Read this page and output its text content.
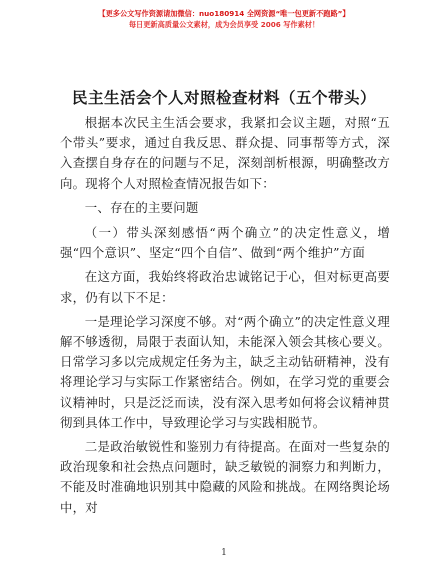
【更多公文写作资源请加微信：nuo180914 全网资源“唯一包更新不跑路”】
每日更新高质量公文素材，成为会员享受 2006 写作素材！
民主生活会个人对照检查材料（五个带头）

根据本次民主生活会要求，我紧扣会议主题，对照“五个带头”要求，通过自我反思、群众提、同事帮等方式，深入查摆自身存在的问题与不足，深刻剖析根源，明确整改方向。现将个人对照检查情况报告如下：

一、存在的主要问题

（一）带头深刻感悟“两个确立”的决定性意义，增强“四个意识”、坚定“四个自信”、做到“两个维护”方面

在这方面，我始终将政治忠诚铭记于心，但对标更高要求，仍有以下不足：

一是理论学习深度不够。对“两个确立”的决定性意义理解不够透彻，局限于表面认知，未能深入领会其核心要义。日常学习多以完成规定任务为主，缺乏主动钻研精神，没有将理论学习与实际工作紧密结合。例如，在学习党的重要会议精神时，只是泛泛而读，没有深入思考如何将会议精神贯彻到具体工作中，导致理论学习与实践相脱节。

二是政治敏锐性和鉴别力有待提高。在面对一些复杂的政治现象和社会热点问题时，缺乏敏锐的洞察力和判断力，不能及时准确地识别其中隐藏的风险和挑战。在网络舆论场中，对

1
